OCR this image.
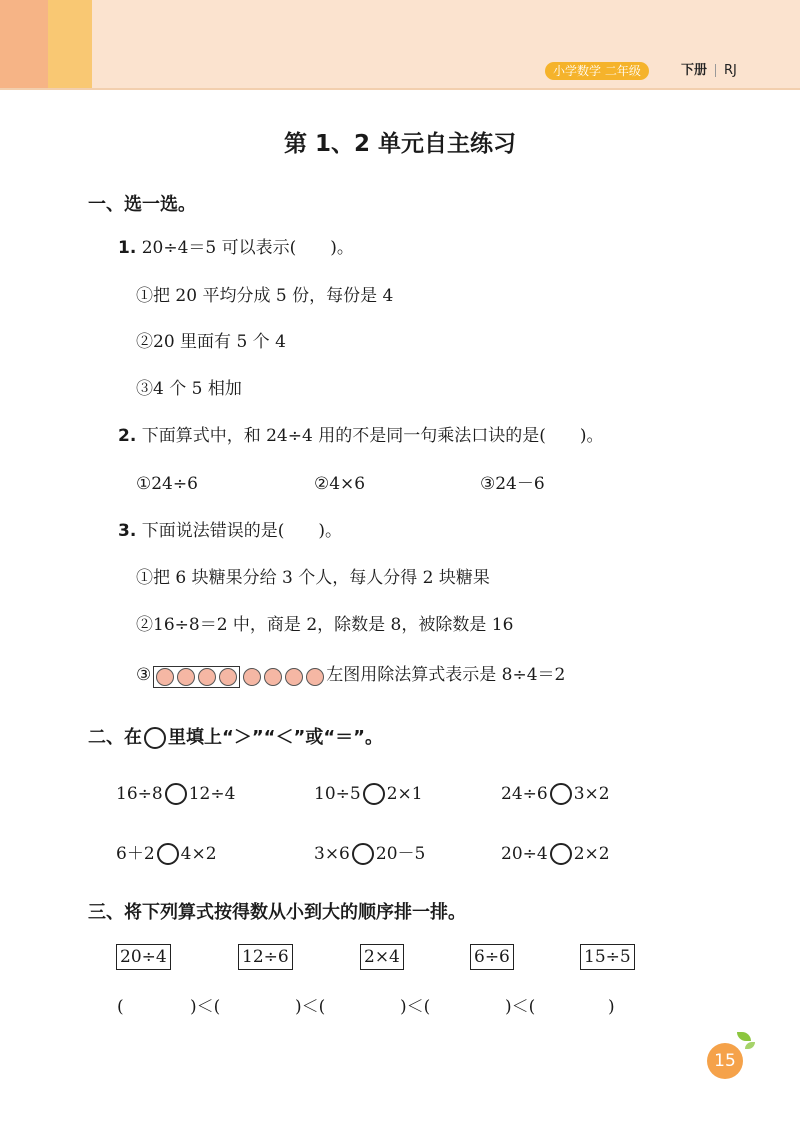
小学数学 二年级	下册 RJ
第 1、2 单元自主练习
一、选一选。
1. 20÷4＝5 可以表示(　　)。
①把 20 平均分成 5 份，每份是 4
②20 里面有 5 个 4
③4 个 5 相加
2. 下面算式中，和 24÷4 用的不是同一句乘法口诀的是(　　)。
①24÷6	②4×6	③24－6
3. 下面说法错误的是(　　)。
①把 6 块糖果分给 3 个人，每人分得 2 块糖果
②16÷8＝2 中，商是 2，除数是 8，被除数是 16
③	左图用除法算式表示是 8÷4＝2
二、在 里填上“＞”“＜”或“＝”。
16÷8 12÷4	10÷5 2×1	24÷6 3×2
6＋2 4×2	3×6 20－5	20÷4 2×2
三、将下列算式按得数从小到大的顺序排一排。
20÷4	12÷6	2×4	6÷6	15÷5
(	)＜(	)＜(	)＜(	)＜(	)
15
